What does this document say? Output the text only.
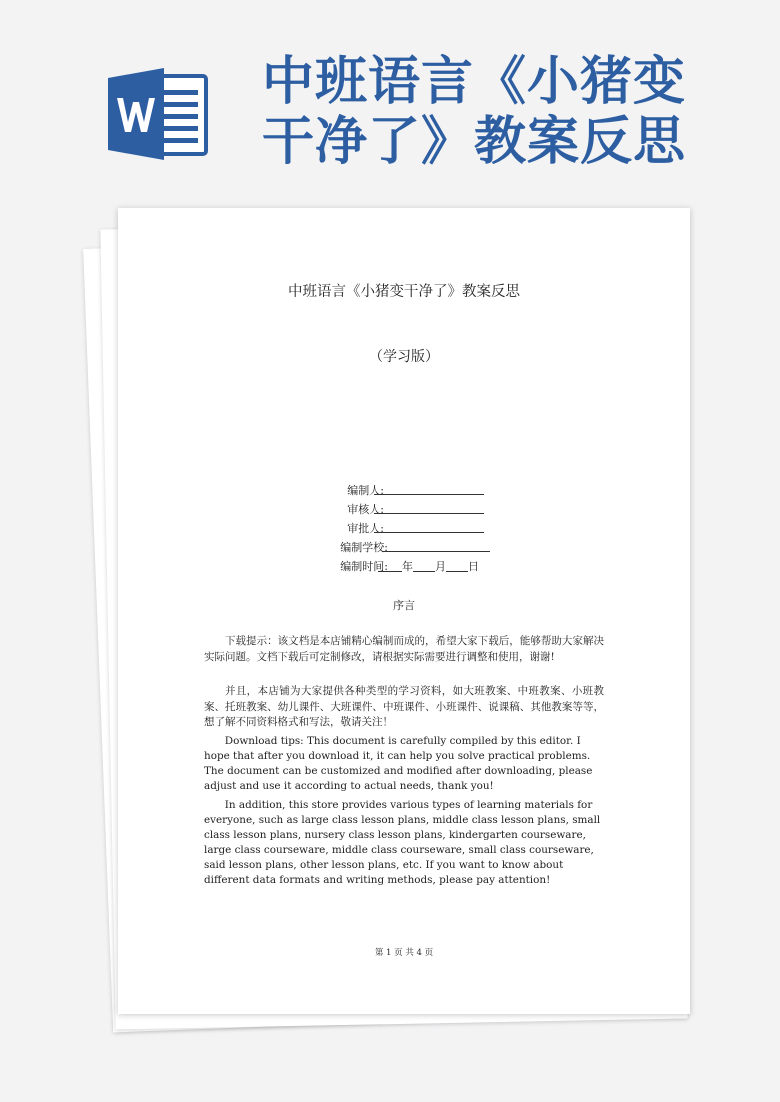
中班语言《小猪变
干净了》教案反思
中班语言《小猪变干净了》教案反思
（学习版）
编制人:
审核人:
审批人:
编制学校:
编制时间:	年 月 日
序言

下载提示：该文档是本店铺精心编制而成的，希望大家下载后，能够帮助大家解决实际问题。文档下载后可定制修改，请根据实际需要进行调整和使用，谢谢!

并且，本店铺为大家提供各种类型的学习资料，如大班教案、中班教案、小班教案、托班教案、幼儿课件、大班课件、中班课件、小班课件、说课稿、其他教案等等，想了解不同资料格式和写法，敬请关注！

Download tips: This document is carefully compiled by this editor. I hope that after you download it, it can help you solve practical problems. The document can be customized and modified after downloading, please adjust and use it according to actual needs, thank you!

In addition, this store provides various types of learning materials for everyone, such as large class lesson plans, middle class lesson plans, small class lesson plans, nursery class lesson plans, kindergarten courseware, large class courseware, middle class courseware, small class courseware, said lesson plans, other lesson plans, etc. If you want to know about different data formats and writing methods, please pay attention!

第 1 页 共 4 页
